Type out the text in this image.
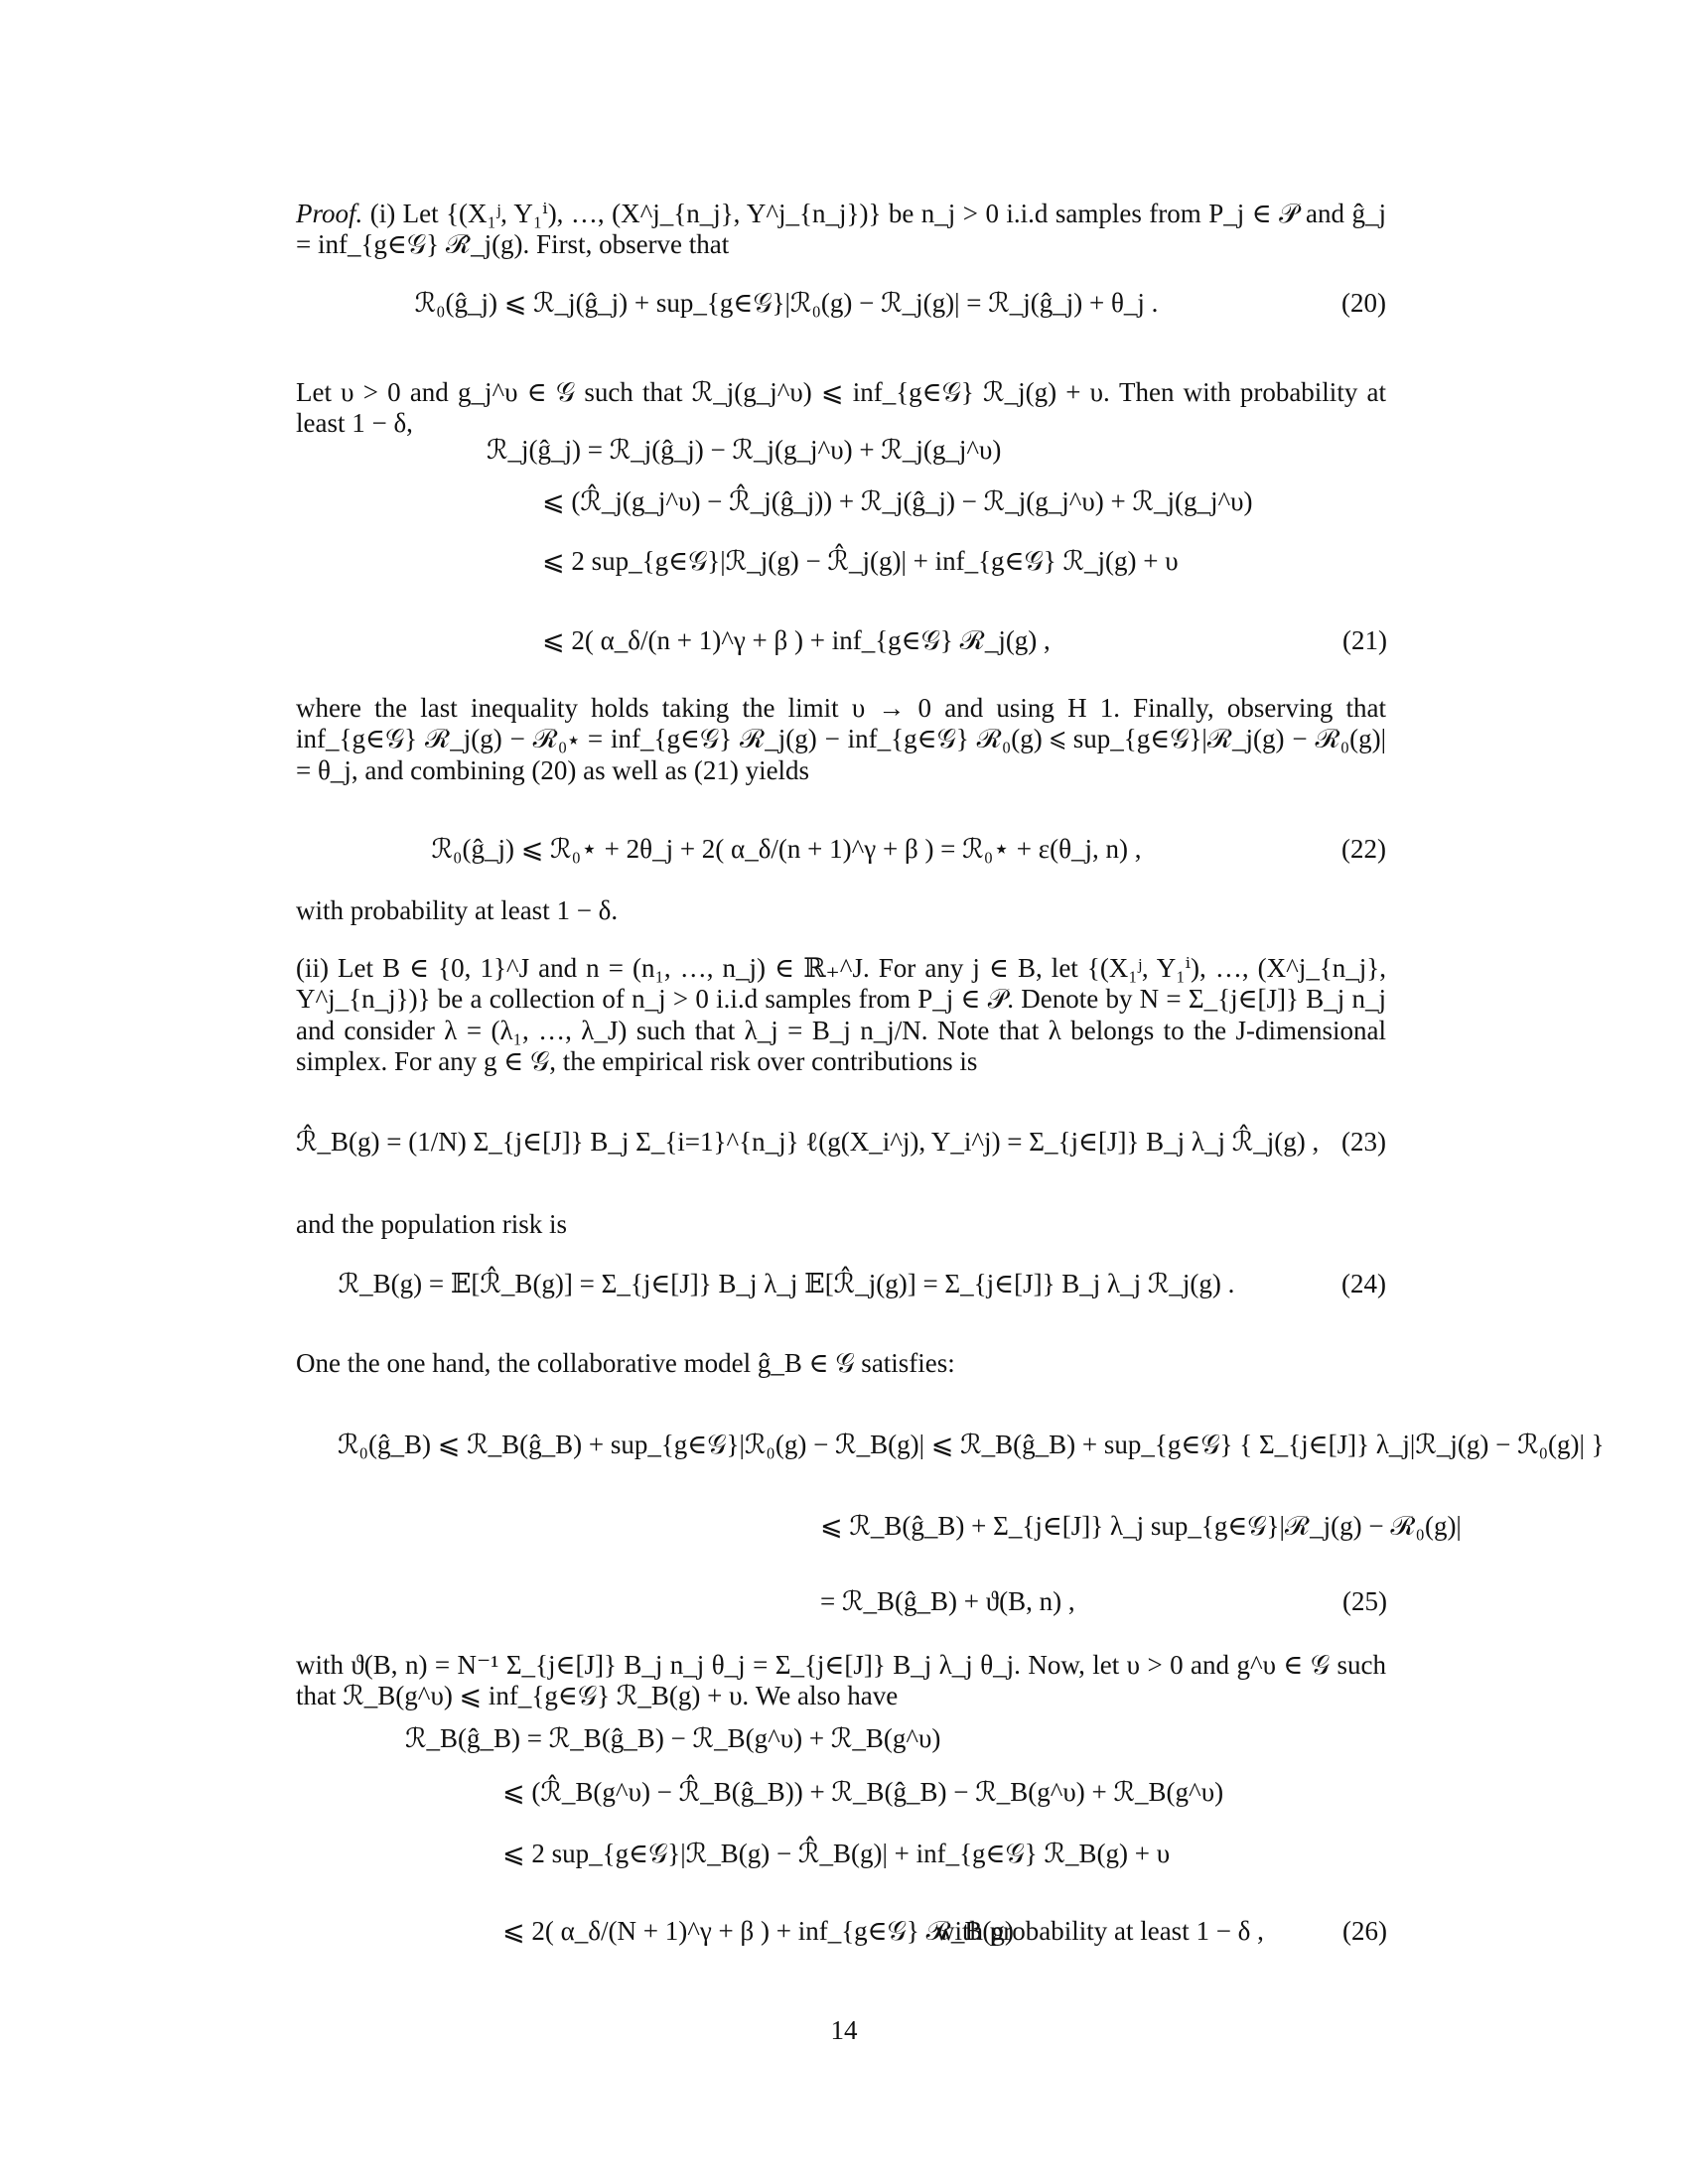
Proof. (i) Let {(X₁ʲ, Y₁ⁱ), …, (X^j_{n_j}, Y^j_{n_j})} be n_j > 0 i.i.d samples from P_j ∈ 𝒫 and ĝ_j = inf_{g∈𝒢} ℛ̂_j(g). First, observe that

ℛ₀(ĝ_j) ⩽ ℛ_j(ĝ_j) + sup_{g∈𝒢}|ℛ₀(g) − ℛ_j(g)| = ℛ_j(ĝ_j) + θ_j .	(20)

Let υ > 0 and g_j^υ ∈ 𝒢 such that ℛ_j(g_j^υ) ⩽ inf_{g∈𝒢} ℛ_j(g) + υ. Then with probability at least 1 − δ,

ℛ_j(ĝ_j) = ℛ_j(ĝ_j) − ℛ_j(g_j^υ) + ℛ_j(g_j^υ)
⩽ (ℛ̂_j(g_j^υ) − ℛ̂_j(ĝ_j)) + ℛ_j(ĝ_j) − ℛ_j(g_j^υ) + ℛ_j(g_j^υ)
⩽ 2 sup_{g∈𝒢}|ℛ_j(g) − ℛ̂_j(g)| + inf_{g∈𝒢} ℛ_j(g) + υ
⩽ 2( α_δ/(n + 1)^γ + β ) + inf_{g∈𝒢} ℛ_j(g) ,	(21)

where the last inequality holds taking the limit υ → 0 and using H 1. Finally, observing that inf_{g∈𝒢} ℛ_j(g) − ℛ₀⋆ = inf_{g∈𝒢} ℛ_j(g) − inf_{g∈𝒢} ℛ₀(g) ⩽ sup_{g∈𝒢}|ℛ_j(g) − ℛ₀(g)| = θ_j, and combining (20) as well as (21) yields

ℛ₀(ĝ_j) ⩽ ℛ₀⋆ + 2θ_j + 2( α_δ/(n + 1)^γ + β ) = ℛ₀⋆ + ε(θ_j, n) ,	(22)

with probability at least 1 − δ.

(ii) Let B ∈ {0, 1}^J and n = (n₁, …, n_j) ∈ ℝ₊^J. For any j ∈ B, let {(X₁ʲ, Y₁ⁱ), …, (X^j_{n_j}, Y^j_{n_j})} be a collection of n_j > 0 i.i.d samples from P_j ∈ 𝒫. Denote by N = Σ_{j∈[J]} B_j n_j and consider λ = (λ₁, …, λ_J) such that λ_j = B_j n_j/N. Note that λ belongs to the J-dimensional simplex. For any g ∈ 𝒢, the empirical risk over contributions is

ℛ̂_B(g) = (1/N) Σ_{j∈[J]} B_j Σ_{i=1}^{n_j} ℓ(g(X_i^j), Y_i^j) = Σ_{j∈[J]} B_j λ_j ℛ̂_j(g) , (23)

and the population risk is

ℛ_B(g) = 𝔼[ℛ̂_B(g)] = Σ_{j∈[J]} B_j λ_j 𝔼[ℛ̂_j(g)] = Σ_{j∈[J]} B_j λ_j ℛ_j(g) .	(24)

One the one hand, the collaborative model ĝ_B ∈ 𝒢 satisfies:

ℛ₀(ĝ_B) ⩽ ℛ_B(ĝ_B) + sup_{g∈𝒢}|ℛ₀(g) − ℛ_B(g)| ⩽ ℛ_B(ĝ_B) + sup_{g∈𝒢} { Σ_{j∈[J]} λ_j|ℛ_j(g) − ℛ₀(g)| }
⩽ ℛ_B(ĝ_B) + Σ_{j∈[J]} λ_j sup_{g∈𝒢}|ℛ_j(g) − ℛ₀(g)|
= ℛ_B(ĝ_B) + ϑ(B, n) ,	(25)

with ϑ(B, n) = N⁻¹ Σ_{j∈[J]} B_j n_j θ_j = Σ_{j∈[J]} B_j λ_j θ_j. Now, let υ > 0 and g^υ ∈ 𝒢 such that ℛ_B(g^υ) ⩽ inf_{g∈𝒢} ℛ_B(g) + υ. We also have

ℛ_B(ĝ_B) = ℛ_B(ĝ_B) − ℛ_B(g^υ) + ℛ_B(g^υ)
⩽ (ℛ̂_B(g^υ) − ℛ̂_B(ĝ_B)) + ℛ_B(ĝ_B) − ℛ_B(g^υ) + ℛ_B(g^υ)
⩽ 2 sup_{g∈𝒢}|ℛ_B(g) − ℛ̂_B(g)| + inf_{g∈𝒢} ℛ_B(g) + υ
⩽ 2( α_δ/(N + 1)^γ + β ) + inf_{g∈𝒢} ℛ_B(g)
with probability at least 1 − δ ,	(26)
14
